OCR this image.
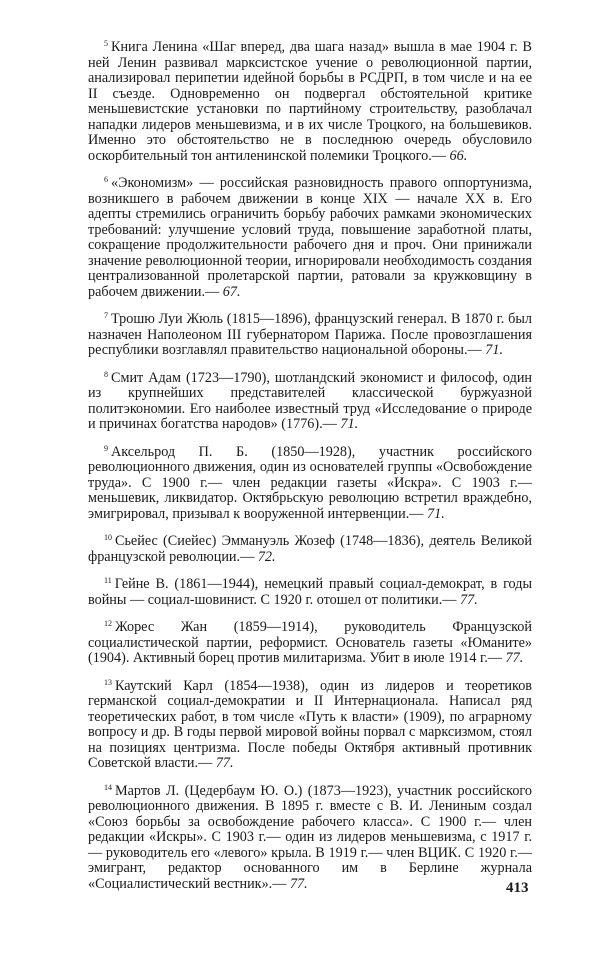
$^5$ Книга Ленина «Шаг вперед, два шага назад» вышла в мае 1904 г. В ней Ленин развивал марксистское учение о революционной партии, анализировал перипетии идейной борьбы в РСДРП, в том числе и на ее II съезде. Одновременно он подвергал обстоятельной критике меньшевистские установки по партийному строительству, разоблачал нападки лидеров меньшевизма, и в их числе Троцкого, на большевиков. Именно это обстоятельство не в последнюю очередь обусловило оскорбительный тон антиленинской полемики Троцкого.— 66.

$^6$ «Экономизм» — российская разновидность правого оппортунизма, возникшего в рабочем движении в конце XIX — начале XX в. Его адепты стремились ограничить борьбу рабочих рамками экономических требований: улучшение условий труда, повышение заработной платы, сокращение продолжительности рабочего дня и проч. Они принижали значение революционной теории, игнорировали необходимость создания централизованной пролетарской партии, ратовали за кружковщину в рабочем движении.— 67.

$^7$ Трошю Луи Жюль (1815—1896), французский генерал. В 1870 г. был назначен Наполеоном III губернатором Парижа. После провозглашения республики возглавлял правительство национальной обороны.— 71.

$^8$ Смит Адам (1723—1790), шотландский экономист и философ, один из крупнейших представителей классической буржуазной политэкономии. Его наиболее известный труд «Исследование о природе и причинах богатства народов» (1776).— 71.

$^9$ Аксельрод П. Б. (1850—1928), участник российского революционного движения, один из основателей группы «Освобождение труда». С 1900 г.— член редакции газеты «Искра». С 1903 г.— меньшевик, ликвидатор. Октябрьскую революцию встретил враждебно, эмигрировал, призывал к вооруженной интервенции.— 71.

$^{10}$ Сьейес (Сиейес) Эммануэль Жозеф (1748—1836), деятель Великой французской революции.— 72.

$^{11}$ Гейне В. (1861—1944), немецкий правый социал-демократ, в годы войны — социал-шовинист. С 1920 г. отошел от политики.— 77.

$^{12}$ Жорес Жан (1859—1914), руководитель Французской социалистической партии, реформист. Основатель газеты «Юманите» (1904). Активный борец против милитаризма. Убит в июле 1914 г.— 77.

$^{13}$ Каутский Карл (1854—1938), один из лидеров и теоретиков германской социал-демократии и II Интернационала. Написал ряд теоретических работ, в том числе «Путь к власти» (1909), по аграрному вопросу и др. В годы первой мировой войны порвал с марксизмом, стоял на позициях центризма. После победы Октября активный противник Советской власти.— 77.

$^{14}$ Мартов Л. (Цедербаум Ю. О.) (1873—1923), участник российского революционного движения. В 1895 г. вместе с В. И. Лениным создал «Союз борьбы за освобождение рабочего класса». С 1900 г.— член редакции «Искры». С 1903 г.— один из лидеров меньшевизма, с 1917 г.— руководитель его «левого» крыла. В 1919 г.— член ВЦИК. С 1920 г.—эмигрант, редактор основанного им в Берлине журнала «Социалистический вестник».— 77.	413
